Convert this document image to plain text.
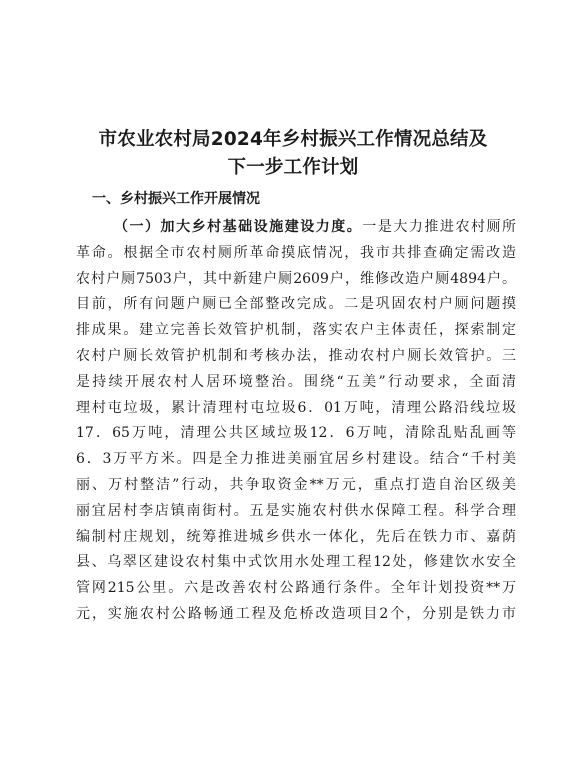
市农业农村局2024年乡村振兴工作情况总结及
下一步工作计划
一、乡村振兴工作开展情况
（一）加大乡村基础设施建设力度。一是大力推进农村厕所
革命。根据全市农村厕所革命摸底情况，我市共排查确定需改造
农村户厕7503户，其中新建户厕2609户，维修改造户厕4894户。
目前，所有问题户厕已全部整改完成。二是巩固农村户厕问题摸
排成果。建立完善长效管护机制，落实农户主体责任，探索制定
农村户厕长效管护机制和考核办法，推动农村户厕长效管护。三
是持续开展农村人居环境整治。围绕“五美”行动要求，全面清
理村屯垃圾，累计清理村屯垃圾6．01万吨，清理公路沿线垃圾
17．65万吨，清理公共区域垃圾12．6万吨，清除乱贴乱画等
6．3万平方米。四是全力推进美丽宜居乡村建设。结合“千村美
丽、万村整洁”行动，共争取资金**万元，重点打造自治区级美
丽宜居村李店镇南街村。五是实施农村供水保障工程。科学合理
编制村庄规划，统筹推进城乡供水一体化，先后在铁力市、嘉荫
县、乌翠区建设农村集中式饮用水处理工程12处，修建饮水安全
管网215公里。六是改善农村公路通行条件。全年计划投资**万
元，实施农村公路畅通工程及危桥改造项目2个，分别是铁力市
